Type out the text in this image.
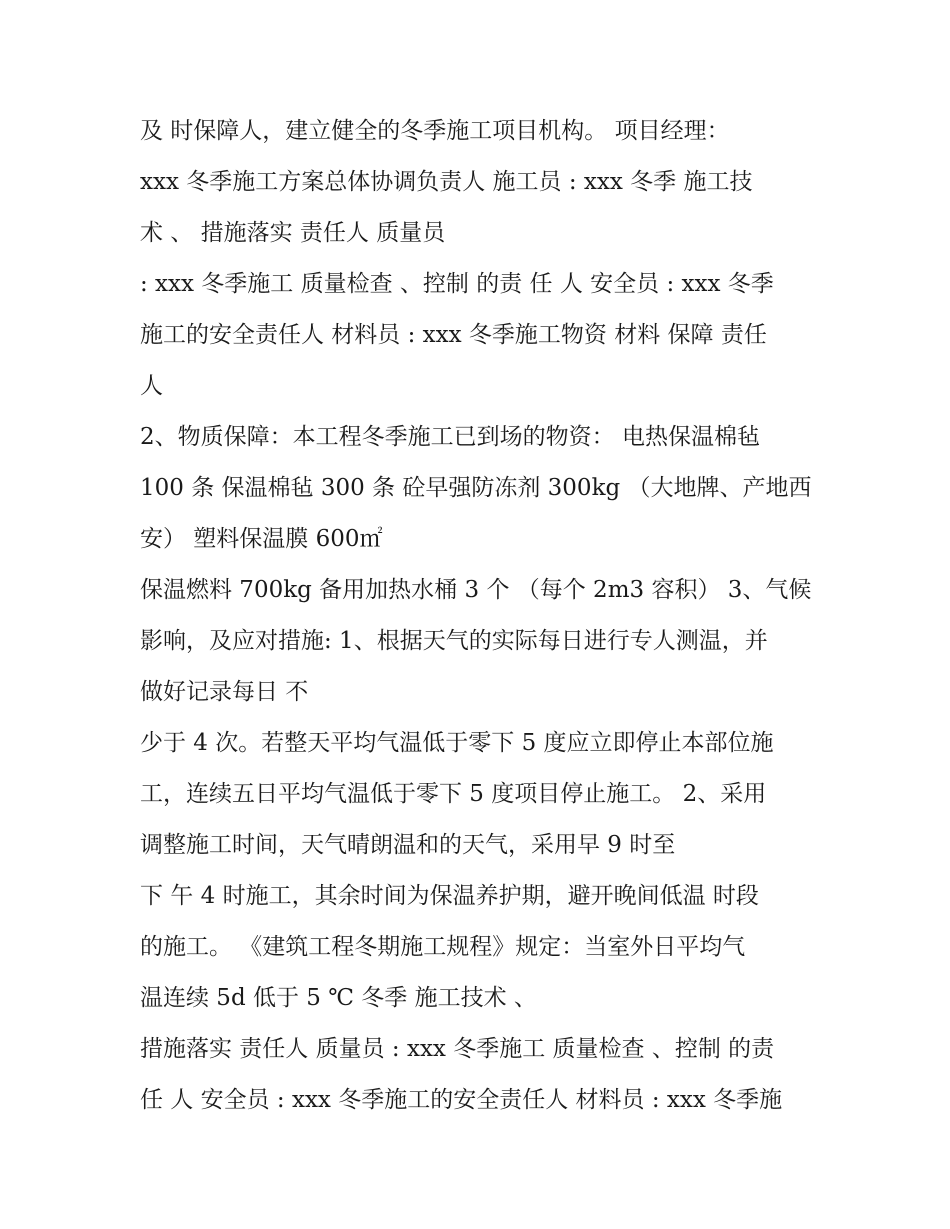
及 时保障人，建立健全的冬季施工项目机构。 项目经理：
xxx 冬季施工方案总体协调负责人 施工员 : xxx 冬季 施工技
术 、 措施落实 责任人 质量员
: xxx 冬季施工 质量检查 、控制 的责 任 人 安全员 : xxx 冬季
施工的安全责任人 材料员 : xxx 冬季施工物资 材料 保障 责任
人
2、物质保障：本工程冬季施工已到场的物资： 电热保温棉毡
100 条 保温棉毡 300 条 砼早强防冻剂 300kg （大地牌、产地西
安） 塑料保温膜 600㎡
保温燃料 700kg 备用加热水桶 3 个 （每个 2m3 容积） 3、气候
影响，及应对措施: 1、根据天气的实际每日进行专人测温，并
做好记录每日 不
少于 4 次。若整天平均气温低于零下 5 度应立即停止本部位施
工，连续五日平均气温低于零下 5 度项目停止施工。 2、采用
调整施工时间，天气晴朗温和的天气，采用早 9 时至
下 午 4 时施工，其余时间为保温养护期，避开晚间低温 时段
的施工。 《建筑工程冬期施工规程》规定：当室外日平均气
温连续 5d 低于 5 ℃ 冬季 施工技术 、
措施落实 责任人 质量员 : xxx 冬季施工 质量检查 、控制 的责
任 人 安全员 : xxx 冬季施工的安全责任人 材料员 : xxx 冬季施
